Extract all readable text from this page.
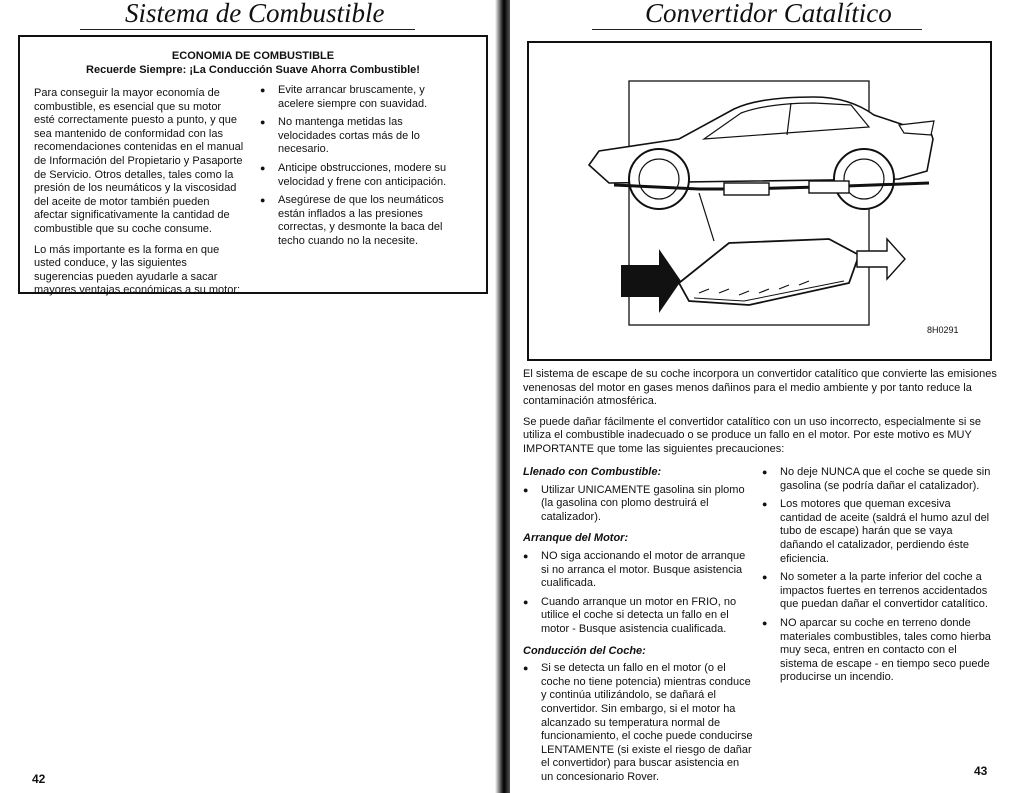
Sistema de Combustible
ECONOMIA DE COMBUSTIBLE
Recuerde Siempre: ¡La Conducción Suave Ahorra Combustible!

Para conseguir la mayor economía de combustible, es esencial que su motor esté correctamente puesto a punto, y que sea mantenido de conformidad con las recomendaciones contenidas en el manual de Información del Propietario y Pasaporte de Servicio. Otros detalles, tales como la presión de los neumáticos y la viscosidad del aceite de motor también pueden afectar significativamente la cantidad de combustible que su coche consume.

Lo más importante es la forma en que usted conduce, y las siguientes sugerencias pueden ayudarle a sacar mayores ventajas económicas a su motor:

● Evite arrancar bruscamente, y acelere siempre con suavidad.
● No mantenga metidas las velocidades cortas más de lo necesario.
● Anticipe obstrucciones, modere su velocidad y frene con anticipación.
● Asegúrese de que los neumáticos están inflados a las presiones correctas, y desmonte la baca del techo cuando no la necesite.
42
Convertidor Catalítico
8H0291

El sistema de escape de su coche incorpora un convertidor catalítico que convierte las emisiones venenosas del motor en gases menos dañinos para el medio ambiente y por tanto reduce la contaminación atmosférica.

Se puede dañar fácilmente el convertidor catalítico con un uso incorrecto, especialmente si se utiliza el combustible inadecuado o se produce un fallo en el motor. Por este motivo es MUY IMPORTANTE que tome las siguientes precauciones:

Llenado con Combustible:
● Utilizar UNICAMENTE gasolina sin plomo (la gasolina con plomo destruirá el catalizador).
Arranque del Motor:
● NO siga accionando el motor de arranque si no arranca el motor. Busque asistencia cualificada.
● Cuando arranque un motor en FRIO, no utilice el coche si detecta un fallo en el motor - Busque asistencia cualificada.
Conducción del Coche:
● Si se detecta un fallo en el motor (o el coche no tiene potencia) mientras conduce y continúa utilizándolo, se dañará el convertidor. Sin embargo, si el motor ha alcanzado su temperatura normal de funcionamiento, el coche puede conducirse LENTAMENTE (si existe el riesgo de dañar el convertidor) para buscar asistencia en un concesionario Rover.
● No deje NUNCA que el coche se quede sin gasolina (se podría dañar el catalizador).
● Los motores que queman excesiva cantidad de aceite (saldrá el humo azul del tubo de escape) harán que se vaya dañando el catalizador, perdiendo éste eficiencia.
● No someter a la parte inferior del coche a impactos fuertes en terrenos accidentados que puedan dañar el convertidor catalítico.
● NO aparcar su coche en terreno donde materiales combustibles, tales como hierba muy seca, entren en contacto con el sistema de escape - en tiempo seco puede producirse un incendio.
43
